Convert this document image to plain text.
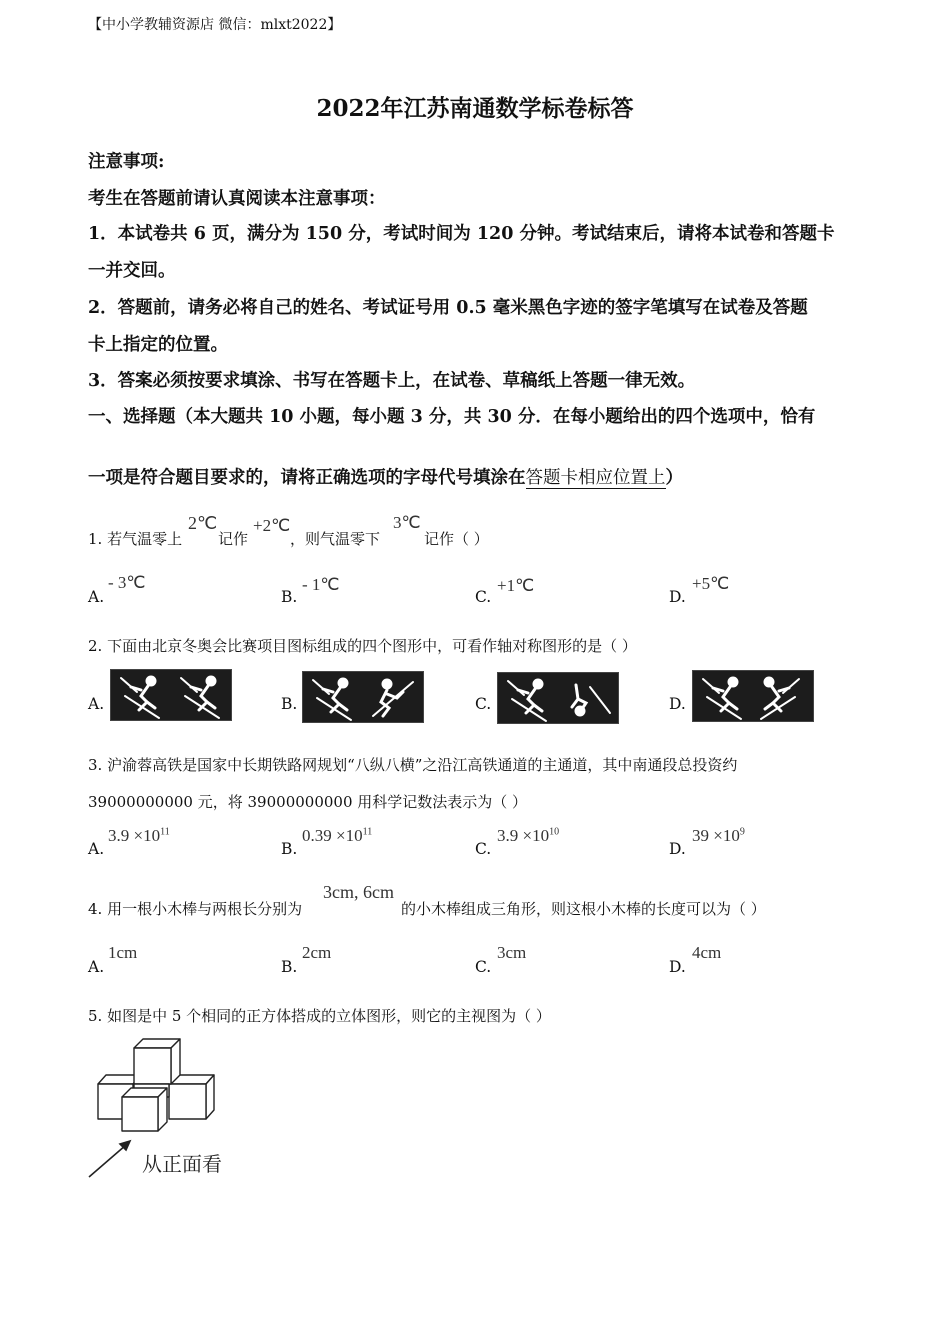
【中小学教辅资源店 微信：mlxt2022】
2022年江苏南通数学标卷标答
注意事项:
考生在答题前请认真阅读本注意事项：
1．本试卷共 6 页，满分为 150 分，考试时间为 120 分钟。考试结束后，请将本试卷和答题卡
一并交回。
2．答题前，请务必将自己的姓名、考试证号用 0.5 毫米黑色字迹的签字笔填写在试卷及答题
卡上指定的位置。
3．答案必须按要求填涂、书写在答题卡上，在试卷、草稿纸上答题一律无效。
一、选择题（本大题共 10 小题，每小题 3 分，共 30 分．在每小题给出的四个选项中，恰有
一项是符合题目要求的，请将正确选项的字母代号填涂在答题卡相应位置上）
1. 若气温零上
2℃
记作
+2℃
，则气温零下
3℃
记作（ ）
A.
- 3℃
B.
- 1℃
C.
+1℃
D.
+5℃
2. 下面由北京冬奥会比赛项目图标组成的四个图形中，可看作轴对称图形的是（ ）
A.	B.	C.	D.
3. 沪渝蓉高铁是国家中长期铁路网规划“八纵八横”之沿江高铁通道的主通道，其中南通段总投资约
39000000000 元，将 39000000000 用科学记数法表示为（ ）
A.
$3.9 \times 10^{11}$
B.
$0.39 \times 10^{11}$
C.
$3.9 \times 10^{10}$
D.
$39 \times 10^9$
4. 用一根小木棒与两根长分别为
3cm, 6cm
的小木棒组成三角形，则这根小木棒的长度可以为（ ）
A.
1cm
B.
2cm
C.
3cm
D.
4cm
5. 如图是中 5 个相同的正方体搭成的立体图形，则它的主视图为（ ）
从正面看
